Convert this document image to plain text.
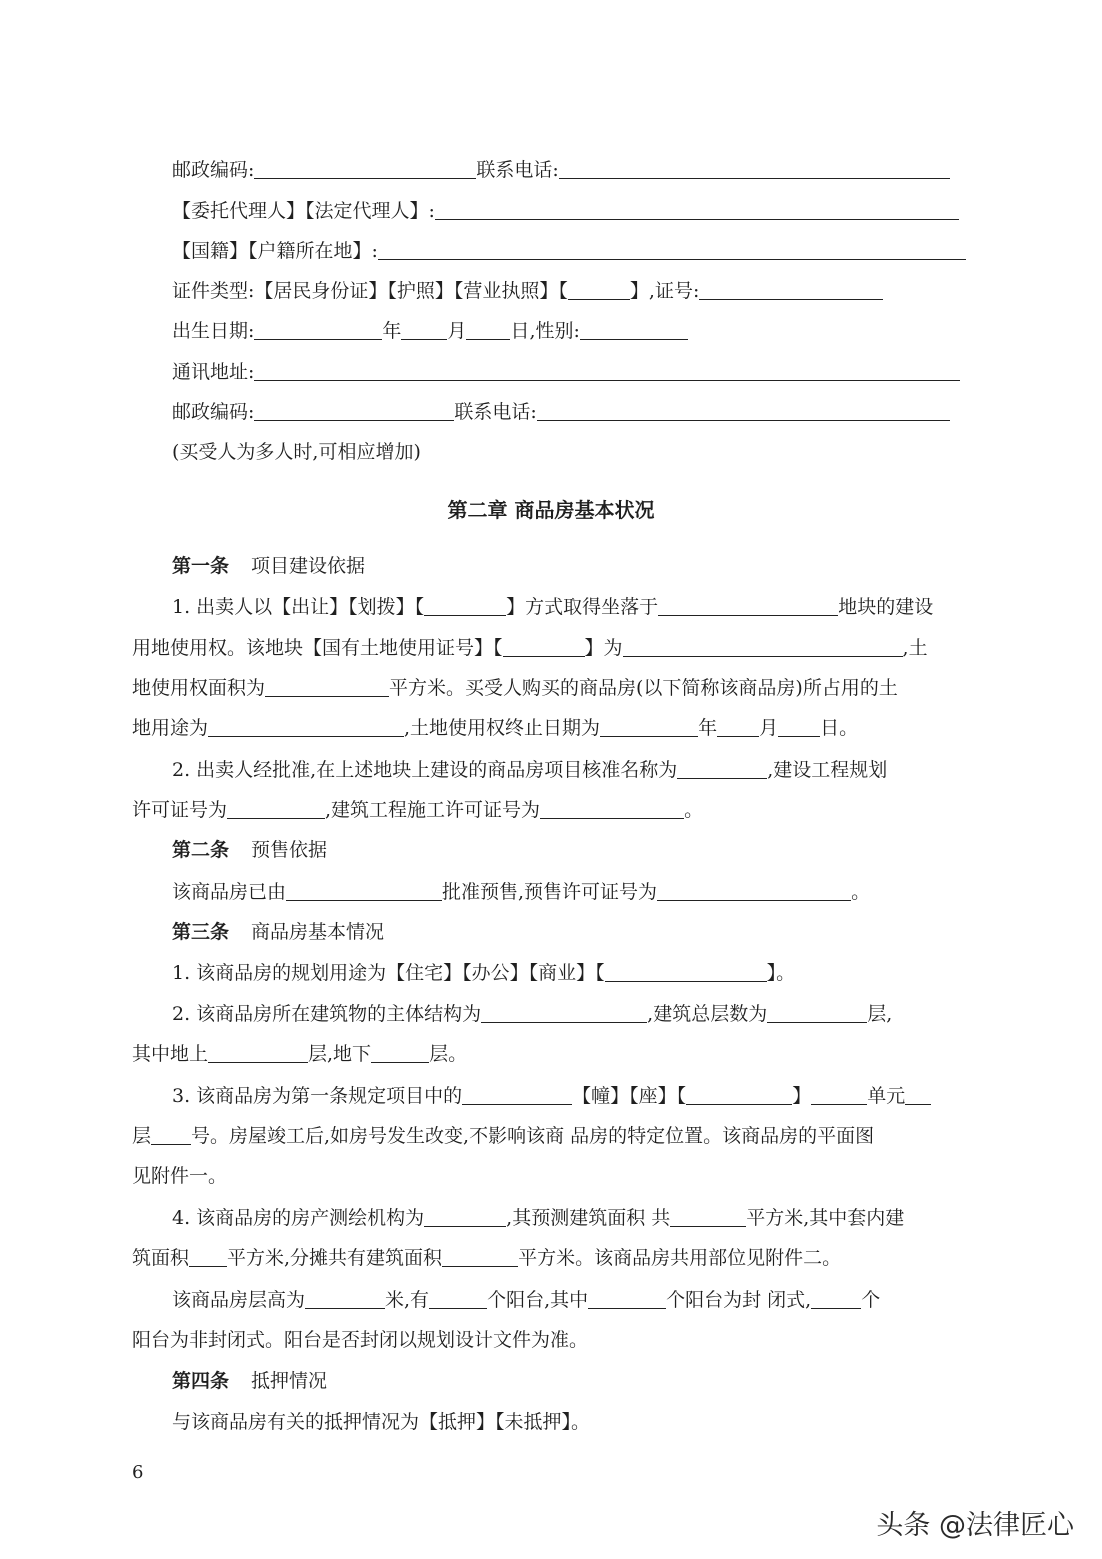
邮政编码:	联系电话:
【委托代理人】【法定代理人】:
【国籍】【户籍所在地】:
证件类型:【居民身份证】【护照】【营业执照】【	】,证号:
出生日期:	年 月 日,性别:
通讯地址:
邮政编码:	联系电话:
(买受人为多人时,可相应增加)
第二章 商品房基本状况
第一条 项目建设依据
1. 出卖人以【出让】【划拨】【	】方式取得坐落于	地块的建设
用地使用权。该地块【国有土地使用证号】【	】为	,土
地使用权面积为	平方米。买受人购买的商品房(以下简称该商品房)所占用的土
地用途为	,土地使用权终止日期为	年 月 日。
2. 出卖人经批准,在上述地块上建设的商品房项目核准名称为	,建设工程规划
许可证号为	,建筑工程施工许可证号为	。
第二条 预售依据
该商品房已由	批准预售,预售许可证号为	。
第三条 商品房基本情况
1. 该商品房的规划用途为【住宅】【办公】【商业】【	】。
2. 该商品房所在建筑物的主体结构为	,建筑总层数为	层,
其中地上	层,地下	层。
3. 该商品房为第一条规定项目中的	【幢】【座】【	】	单元
层 号。房屋竣工后,如房号发生改变,不影响该商 品房的特定位置。该商品房的平面图
见附件一。
4. 该商品房的房产测绘机构为	,其预测建筑面积 共	平方米,其中套内建
筑面积 平方米,分摊共有建筑面积	平方米。该商品房共用部位见附件二。
该商品房层高为	米,有	个阳台,其中	个阳台为封 闭式,	个
阳台为非封闭式。阳台是否封闭以规划设计文件为准。
第四条 抵押情况
与该商品房有关的抵押情况为【抵押】【未抵押】。
6
头条 @法律匠心
